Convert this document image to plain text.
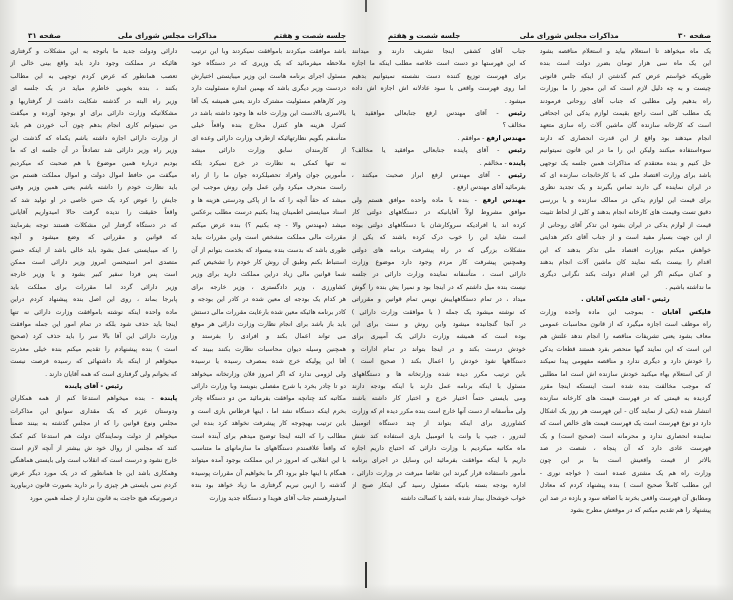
جلسه شصت و هفتم
مذاکرات مجلس شورای ملی
صفحه ۳۱
باشد موافقت میکردند باموافقت نمیکردند وبا این ترتیب
ملاحظه میفرمائید که یک وزیری که در دستگاه خود
مسئول اجرای برنامه هاست این وزیر میبایستی اختیارش
دردست وزیر دیگری باشد که بهمین اندازه مسئولیت دارد
ودر کارهاهم مسئولیت مشترک دارند یعنی همیشه یک آقا
بالاسری بالادست این وزارت خانه ها وجود داشته باشد در
کنترل هزینه هاو کنترل مخارج بنده واقعاً خیلی
متأسفم بگویم نظارتهائیکه ازطرف وزارت دارائی وعده ای
از کارمندان سابق وزارت دارائی میشد
نه تنها کمکی به نظارت در خرج نمیکرد بلکه
مأمورین جوان وافراد تحصیلکرده جوان ما را از راه
راست منحرف میکرد واین عمل واین روش موجب این
میشد که حقاً آنچه را که ما از پاکی ودرستی هزینه ها و
اسناد میبایستی اطمینان پیدا بکنیم درست مطلب برعکس
میشد (مهندس والا - چه بکنیم ؟) بنده عرض میکنم
مقررات مالی مملکت مشخص است واین مقررات بباید
طوری باشد که بدست بنده بیسواد که بخدمت بتوانم از آن
استنباط بکنم وطبق آن روش کار خودم را تشخیص کنم
شما قوانین مالی زیاد دراین مملکت دارید برای وزیر
کشاورزی ، وزیر دادگستری ، وزیر خارجه برای
هر کدام یک بودجه ای معین شده در کادر این بودجه و
کادر برنامه هائیکه معین شده بارعایت مقررات مالی دستش
باید باز باشد برای انجام نظارت وزارت دارائی هر موقع
می تواند اعمال بکند و افرادی را بفرستد و
همچنین وسیله دیوان محاسبات نظارت بکنند ببیند که
آقا این پولیکه خرج شده بمصرف رسیده یا نرسیده
ولی لزومی ندارد که اگر امروز فلان وزارتخانه میخواهد
دو تا چادر بخرد با شرح مفصلی بنویسد وبا وزارت دارائی
مکاتبه کند چنانچه موافقت بفرمائید من دو دستگاه چادر
بخرم اینکه دستگاه نشد اما ، اینها قرطاس بازی است و
باین ترتیب بهیچوجه کار پیشرفت نخواهد کرد بنده این
مطالب را که البته اینجا توضیح میدهم برای آینده است
که واقعاً علاقمندم دستگاههای ما سازمانهای ما متناسب
با این انقلابی که امروز در این مملکت بوجود آمده میتواند
همگام با اینها جلو برود اگر ما بخواهیم آن مقررات پوسیده
گذشته را ازبین نبریم گرفتاری ما زیاد خواهد بود بنده
امیدوارهستم جناب آقای هویدا و دستگاه جدید وزارت
دارائی ودولت جدید ما باتوجه به این مشکلات و گرفتاری
هائیکه در مملکت وجود دارد باید واقع بینی خالی از
تعصب همانطور که عرض کردم توجهی به این مطالب
بکنند ، بنده بخوبی خاطرم میاید در یک جلسه ای
وزیر راه البته در گذشته شکایت داشت از گرفتاریها و
مشکلاتیکه وزارت دارائی برای او بوجود آورده و میگفت
من نمیتوانم کاری انجام بدهم چون آب خوردن هم باید
از وزارت دارائی اجازه داشته باشم یکماه که گذشت این
وزیر راه وزیر دارائی شد تصادفاً در آن جلسه ای که ما
بودیم درباره همین موضوع با هم صحبت که میکردیم
میگفت من حافظ اموال دولت و اموال مملکت هستم من
باید نظارت خودم را داشته باشم یعنی همین وزیر وقتی
جایش را عوض کرد یک حس خاصی در او تولید شد که
واقعاً حقیقت را ندیده گرفت حالا امیدواریم آقایانی
که در دستگاه گرفتار این مشکلات هستند توجه بفرمایند
که قوانین و مقرراتی که وضع میشود و آنچه
را که میبایستی عمل بشود باید خالی باشد از اینکه حسن
متصدی امر استیحسن امروز وزیر دارائی است ممکن
است پس فردا سفیر کبیر بشود و یا وزیر خارجه
وزیر دارائی گردد اما مقررات برای مملکت باید
پابرجا بماند ، روی این اصل بنده پیشنهاد کردم دراین
ماده واحده اینکه نوشته باموافقت وزارت دارائی نه تنها
اینجا باید حذف شود بلکه در تمام امور این جمله موافقت
وزارت دارائی این آقا بالا سر را باید حذف کرد (صحیح
است ) بنده پیشنهادم را تقدیم میکنم بنده خیلی معذرت
میخواهم از اینکه باد داشتهائی که رسیده فرصت نیست
که بخوانم ولی گرفتاری است که همه آقایان دارند .
رئیس - آقای پاینده
پاینده - بنده میخواهم استدعا کنم از همه همکاران
ودوستان عزیز که یک مقداری سوابق این مذاکرات
مجلس ونوع قوانین را که از مجلس گذشته به بینند ضمناً
میخواهم از دولت ونمایندگان دولت هم استدعا کنم کمک
کنند که مجلس از روال خود ش بیشتر از آنچه لازم است
خارج نشود و درست است که انقلاب است ولی بایستی هماهنگی
وهمکاری باشد این جا همانطور که در یک مورد دیگر عرض
کردم نمی بایستی هر چیزی را بر دارید بصورت قانون دربیاورید
درصورتیکه هیچ حاجت به قانون ندارد از جمله همین مورد
صفحه ۳۰
مذاکرات مجلس شورای ملی
جلسه شصت و هفتم
یک ماه میخواهد تا استعلام بیاید و استعلام مناقصه بشود
این یک ماه سی هزار تومان بضرر دولت است بنده
طوریکه خواستم عرض کنم گذشتن از اینکه جلس قانونی
چیست و به چه دلیل لازم است که این مجوز را ما بوزارت
راه بدهیم ولی مطلبی که جناب آقای روحانی فرمودند
یک مطلب کلی است راجع بقیمت لوازم یدکی این اجحافی
است که کارخانه سازنده گان ماشین آلات راه سازی متعهد
انجام میدهند بود واقع از این قدرت انحصاری که دارند
سوءاستفاده میکنند ولیکن این را ما در این قانون نمیتوانیم
حل کنیم و بنده معتقدم که مذاکرات همین جلسه یک توجهی
باشد برای وزارت اقتصاد ملی که با کارخانجات سازنده ای که
در ایران نماینده گی دارند تماس بگیرند و یک تجدید نظری
برای قیمت این لوازم یدکی در ممالک سازنده و یا بررسی
دقیق تست وقیمت های کارخانه انجام بدهند و کلی از لحاظ تثبیت
قیمت از لوازم یدکی در ایران بشود این تذکر آقای روحانی از
از این جهت بسیار مفید است و از جناب آقای دکتر هدایتی
خواهش میکنم بوزارت اقتصاد ملی تذکر بدهند که این
اقدام را بیست بکنه نمایند کان ماشین آلات انجام بدهند
و کمان میکنم اگر این اقدام دولت بکند نگرانی دیگری
ما نداشته باشیم .
رئیس - آقای فلیکس آقایان .
فلیکس آقایان - بموجب این ماده واحده وزارت
راه موظف است اجازه میگیرد که از قانون محاسبات عمومی
معاف بشود یعنی تشریفات مناقصه را انجام ندهد علتش هم
این است که این نمایند گیها منحصر بفرد هستند قطعات یدکی
را خودش دارد و دیگری ندارد و مناقصه مفهومی پیدا نمیکند
از کی استعلام بهاء میکنید خودش سازنده اش است اما مطلبی
که موجب مخالفت بنده شده است اینستکه اینجا مقرر
گردیده به قیمتی که در فهرست قیمت های کارخانه سازنده
انتشار شده (یکی از نمایند گان - این فهرست هر روز یک اشکال
دارد دو نوع فهرست است یک فهرست قیمت های خالص است که
نماینده انحصاری ندارد و محرمانه است (صحیح است) و یک
فهرست عادی دارد که آن پنجاه ، شصت در صد
بالاتر از قیمت واقعیش است بنا بر این چون
وزارت راه هم یک مشتری عمده است ( خواجه نوری -
این مطلب کاملاً صحیح است ) بنده پیشنهاد کردم که معادل
ومطابق آن فهرست واقعی بخرند با اضافه سود و بازده در صد این
پیشنهاد را هم تقدیم میکنم که در موقعش مطرح بشود
جناب آقای کشفی اینجا تشریف دارند و میدانند
که این فهرستها دو دست است خلاصه مطلب اینکه ما اجازه
برای فهرست توزیع کننده دست نشسته نمیتوانیم بدهیم
اما روی فهرست واقعی با سود عادلانه اش اجازه اش داده
میشود .
رئیس - آقای مهندس ارفع جنابعالی موافقید یا
مخالف ؟
مهندس ارفع - موافقم .
رئیس - آقای پاینده جنابعالی موافقید یا مخالف؟
پاینده - مخالفم .
رئیس - آقای مهندس ارفع ابراز صحبت میکنند ،
بفرمائید آقای مهندس ارفع .
مهندس ارفع - بنده با ماده واحده موافق هستم ولی
موافق مشروط اولاً آقایانیکه در دستگاههای دولتی کار
کرده اند یا افرادیکه سروکارشان با دستگاههای دولتی بوده
است شاید این را خوب درک کرده باشند که یکی از
مشکلات بزرگی که در راه پیشرفت برنامه های دولتی
وهمچنین پیشرفت کار مردم وجود دارد موضوع وزارت
دارائی است ، متأسفانه نماینده وزارت دارائی در جلسه
نیست بنده میل داشتم که در اینجا بود و نمیرا یش بنده را گوش
میداد ، در تمام دستگاههاییش نویس تمام قوانین و مقرراتی
که نوشته میشود یک جمله ( با موافقت وزارت دارائی )
در آنجا گنجانیده میشود واین روش و سنت برای این
بوده است که همیشه وزارت دارائی یک آمپیری برای
خودش درست بکند و در اینجا بتواند در تمام ادارات و
دستگاهها نفوذ خودش را اعمال بکند ( صحیح است )
باین ترتیب مکرر دیده شده وزارتخانه ها و دستگاههای
مسئول با اینکه برنامه عمل دارند با اینکه بودجه دارند
ومی بایستی حتماً اختیار خرج و اختیار کار داشته باشند
ولی متأسفانه از دست آنها خارج است بنده مکرر دیده ام که وزارت
کشاورزی برای اینکه بتواند از چند دستگاه اتومبیل
لندرور ، جیپ یا وانت یا اتومبیل باری استفاده کند شش
ماه مکاتبه میکردیم با وزارت دارائی که احتیاج داریم اجازه
داریم با اینکه موافقت بفرمائید این وسایل در اجرای برنامه
مأمور داستفاده قرار گیرند این تقاضا میرفت در وزارت دارائی ،
اداره بودجه بسته بانیکه مسئول رسید گی اینکار صبح از
خواب خوشحال بیدار شده باشد یا کسالت داشته
